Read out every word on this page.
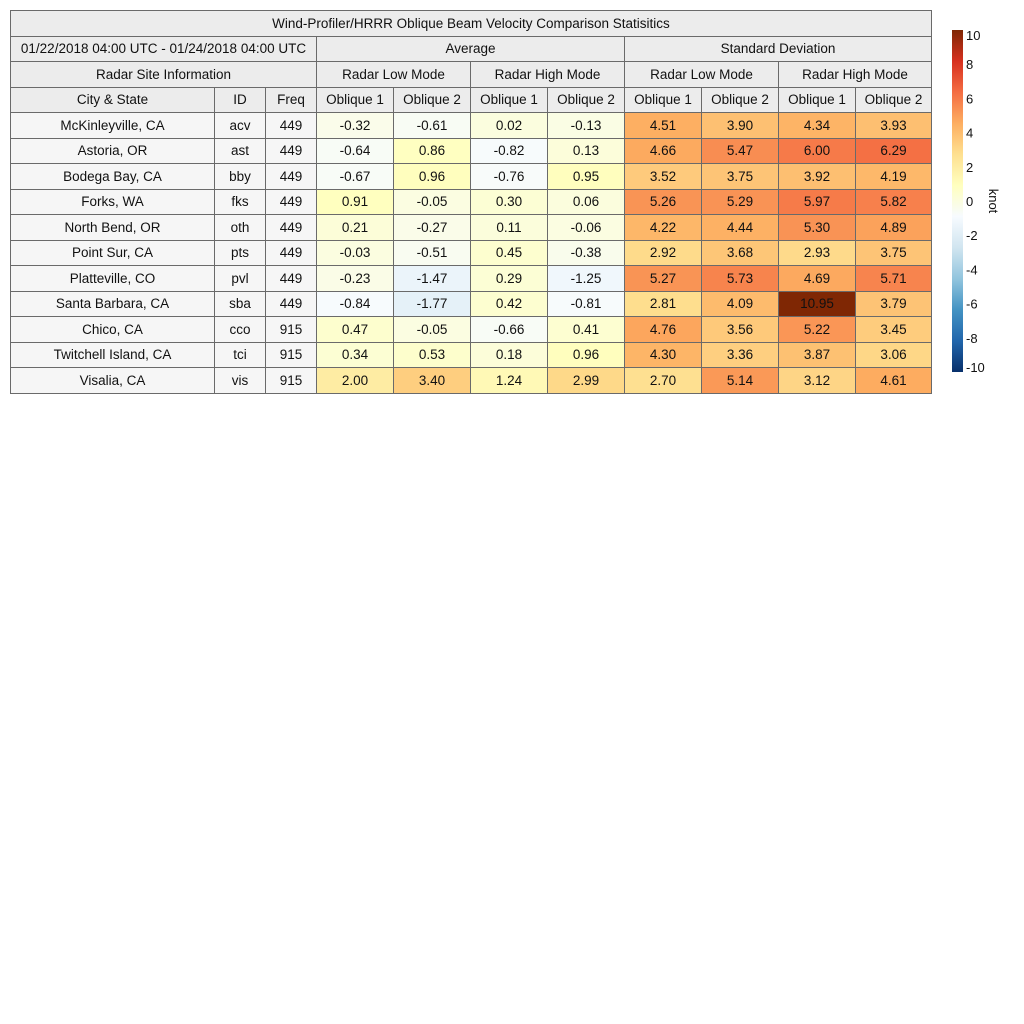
Wind-Profiler/HRRR Oblique Beam Velocity Comparison Statisitics										
01/22/2018 04:00 UTC - 01/24/2018 04:00 UTC			Average				Standard Deviation			
Radar Site Information			Radar Low Mode		Radar High Mode		Radar Low Mode		Radar High Mode	
City & State	ID	Freq	Oblique 1	Oblique 2	Oblique 1	Oblique 2	Oblique 1	Oblique 2	Oblique 1	Oblique 2
McKinleyville, CA	acv	449	-0.32	-0.61	0.02	-0.13	4.51	3.90	4.34	3.93
Astoria, OR	ast	449	-0.64	0.86	-0.82	0.13	4.66	5.47	6.00	6.29
Bodega Bay, CA	bby	449	-0.67	0.96	-0.76	0.95	3.52	3.75	3.92	4.19
Forks, WA	fks	449	0.91	-0.05	0.30	0.06	5.26	5.29	5.97	5.82
North Bend, OR	oth	449	0.21	-0.27	0.11	-0.06	4.22	4.44	5.30	4.89
Point Sur, CA	pts	449	-0.03	-0.51	0.45	-0.38	2.92	3.68	2.93	3.75
Platteville, CO	pvl	449	-0.23	-1.47	0.29	-1.25	5.27	5.73	4.69	5.71
Santa Barbara, CA	sba	449	-0.84	-1.77	0.42	-0.81	2.81	4.09	10.95	3.79
Chico, CA	cco	915	0.47	-0.05	-0.66	0.41	4.76	3.56	5.22	3.45
Twitchell Island, CA	tci	915	0.34	0.53	0.18	0.96	4.30	3.36	3.87	3.06
Visalia, CA	vis	915	2.00	3.40	1.24	2.99	2.70	5.14	3.12	4.61
10
8
6
4
2
0
-2
-4
-6
-8
-10
knot
